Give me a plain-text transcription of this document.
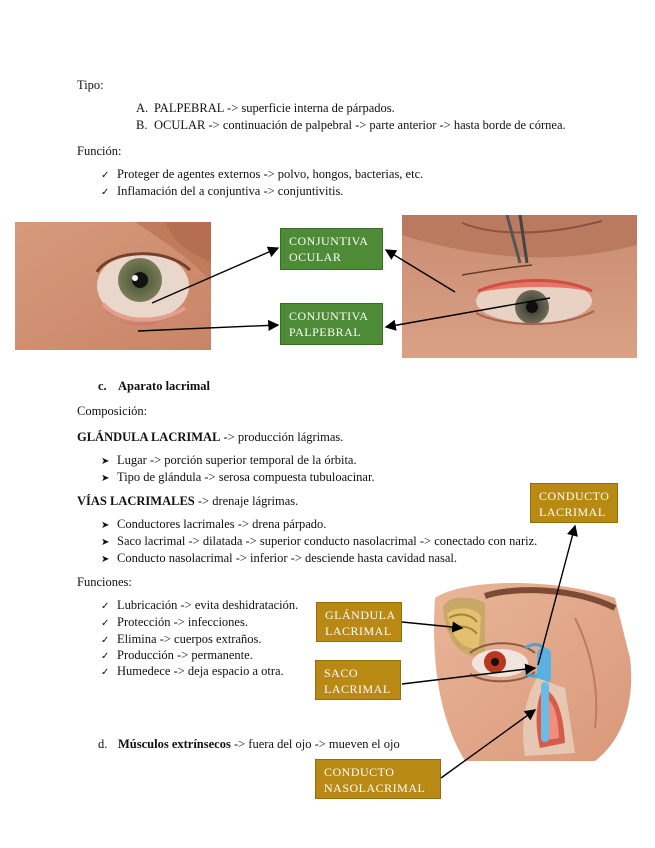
Tipo:
A. PALPEBRAL -> superficie interna de párpados.
B. OCULAR -> continuación de palpebral -> parte anterior -> hasta borde de córnea.
Función:
✓ Proteger de agentes externos -> polvo, hongos, bacterias, etc.
✓ Inflamación del a conjuntiva -> conjuntivitis.
CONJUNTIVA
OCULAR
CONJUNTIVA
PALPEBRAL
c. Aparato lacrimal
Composición:
GLÁNDULA LACRIMAL -> producción lágrimas.
➤ Lugar -> porción superior temporal de la órbita.
➤ Tipo de glándula -> serosa compuesta tubuloacinar.
VÍAS LACRIMALES -> drenaje lágrimas.
➤ Conductores lacrimales -> drena párpado.
➤ Saco lacrimal -> dilatada -> superior conducto nasolacrimal -> conectado con nariz.
➤ Conducto nasolacrimal -> inferior -> desciende hasta cavidad nasal.
Funciones:
✓ Lubricación -> evita deshidratación.
✓ Protección -> infecciones.
✓ Elimina -> cuerpos extraños.
✓ Producción -> permanente.
✓ Humedece -> deja espacio a otra.
d. Músculos extrínsecos -> fuera del ojo -> mueven el ojo
CONDUCTO
LACRIMAL
GLÁNDULA
LACRIMAL
SACO
LACRIMAL
CONDUCTO
NASOLACRIMAL
